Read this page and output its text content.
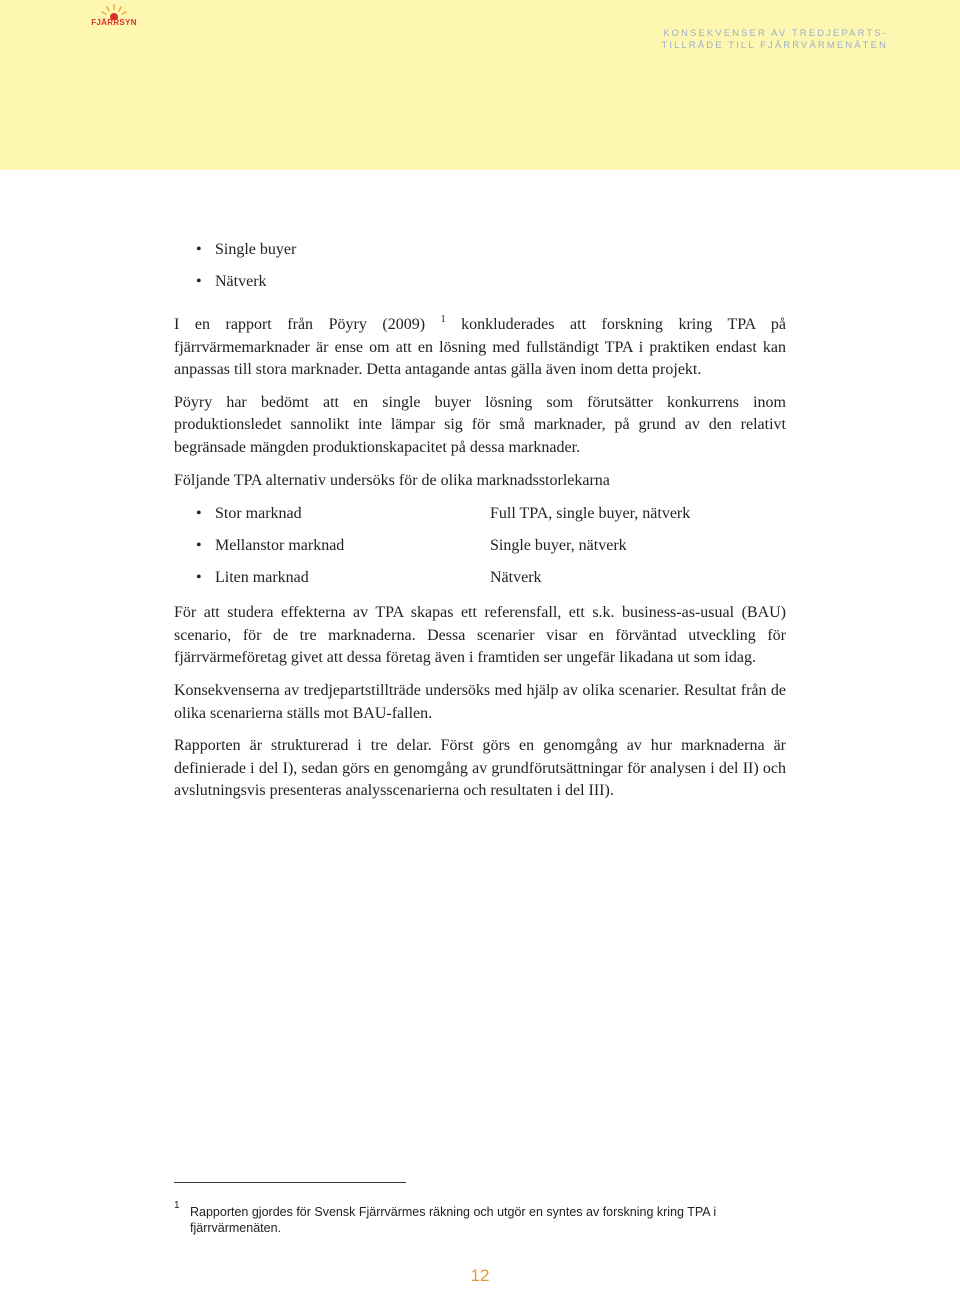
FJÄRRSYN
KONSEKVENSER AV TREDJEPARTS-
TILLRÅDE TILL FJÄRRVÄRMENÄTEN
• Single buyer
• Nätverk

I en rapport från Pöyry (2009) $^1$ konkluderades att forskning kring TPA på fjärrvärmemarknader är ense om att en lösning med fullständigt TPA i praktiken endast kan anpassas till stora marknader. Detta antagande antas gälla även inom detta projekt.

Pöyry har bedömt att en single buyer lösning som förutsätter konkurrens inom produktionsledet sannolikt inte lämpar sig för små marknader, på grund av den relativt begränsade mängden produktionskapacitet på dessa marknader.

Följande TPA alternativ undersöks för de olika marknadsstorlekarna

• Stor marknad	Full TPA, single buyer, nätverk
• Mellanstor marknad	Single buyer, nätverk
• Liten marknad	Nätverk

För att studera effekterna av TPA skapas ett referensfall, ett s.k. business-as-usual (BAU) scenario, för de tre marknaderna. Dessa scenarier visar en förväntad utveckling för fjärrvärmeföretag givet att dessa företag även i framtiden ser ungefär likadana ut som idag.

Konsekvenserna av tredjepartstillträde undersöks med hjälp av olika scenarier. Resultat från de olika scenarierna ställs mot BAU-fallen.

Rapporten är strukturerad i tre delar. Först görs en genomgång av hur marknaderna är definierade i del I), sedan görs en genomgång av grundförutsättningar för analysen i del II) och avslutningsvis presenteras analysscenarierna och resultaten i del III).

1 Rapporten gjordes för Svensk Fjärrvärmes räkning och utgör en syntes av forskning kring TPA i fjärrvärmenäten.
12
